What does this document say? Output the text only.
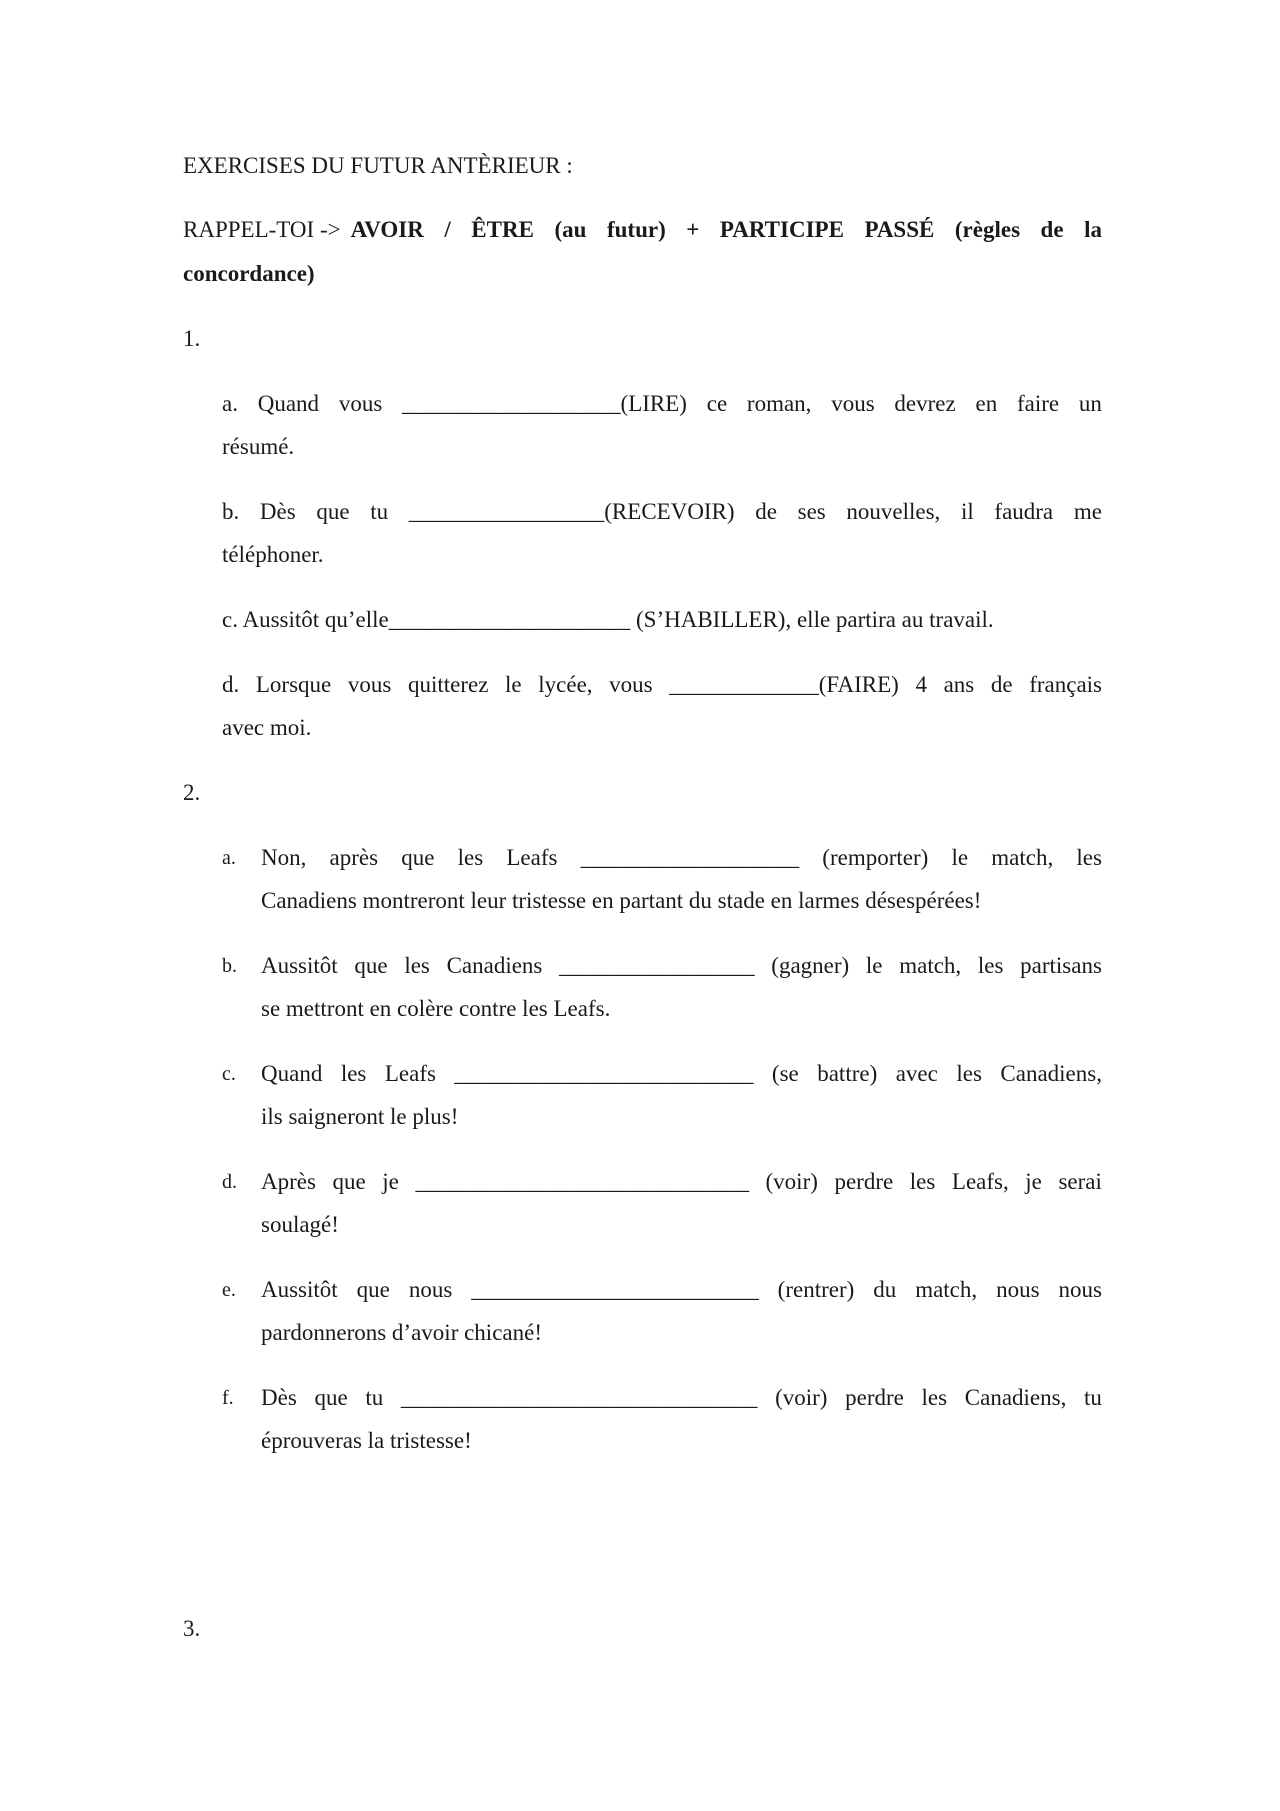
EXERCISES DU FUTUR ANTÈRIEUR :
RAPPEL-TOI -> AVOIR / ÊTRE (au futur) + PARTICIPE PASSÉ (règles de la
concordance)
1.
a. Quand vous ___________________(LIRE) ce roman, vous devrez en faire un
résumé.
b. Dès que tu _________________(RECEVOIR) de ses nouvelles, il faudra me
téléphoner.
c. Aussitôt qu’elle_____________________ (S’HABILLER), elle partira au travail.
d. Lorsque vous quitterez le lycée, vous _____________(FAIRE) 4 ans de français
avec moi.
2.
a. Non, après que les Leafs ___________________ (remporter) le match, les
Canadiens montreront leur tristesse en partant du stade en larmes désespérées!
b. Aussitôt que les Canadiens _________________ (gagner) le match, les partisans
se mettront en colère contre les Leafs.
c. Quand les Leafs __________________________ (se battre) avec les Canadiens,
ils saigneront le plus!
d. Après que je _____________________________ (voir) perdre les Leafs, je serai
soulagé!
e. Aussitôt que nous _________________________ (rentrer) du match, nous nous
pardonnerons d’avoir chicané!
f. Dès que tu _______________________________ (voir) perdre les Canadiens, tu
éprouveras la tristesse!
3.
